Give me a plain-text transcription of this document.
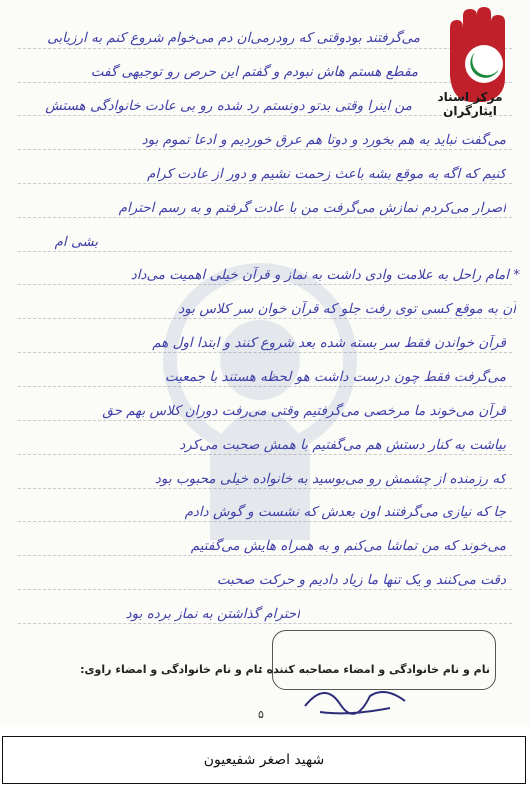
مرکز اسناد ایثارگران
می‌گرفتند بودوقتی که رودرمی‌ان دم می‌خوام شروع کنم به ارزیابی
مقطع هستم هاش نبودم و گفتم این حرص رو توجیهی گفت
من اینرا وقتی بدتو دونستم رد شده رو بی عادت خانوادگی هستش
می‌گفت نباید به هم بخورد و دوتا هم عرق خوردیم و ادعا تموم بود
کنیم که اگه به موقع بشه باعث زحمت نشیم و دور از عادت کرام
اصرار می‌کردم نمازش می‌گرفت من با عادت گرفتم و به رسم احترام
بشی ام
* امام راحل به علامت وادی داشت به نماز و قرآن خیلی اهمیت می‌داد
آن به موقع کسی توی رفت جلو که قرآن خوان سر کلاس بود
قرآن خواندن فقط سر بسته شده بعد شروع کنند و ابتدا اول هم
می‌گرفت فقط چون درست داشت هو لحظه هستند با جمعیت
قرآن می‌خوند ما مرخصی می‌گرفتیم وقتی می‌رفت دوران کلاس بهم حق
بیاشت به کنار دستش هم می‌گفتیم با همش صحبت می‌کرد
که رزمنده از چشمش رو می‌بوسید به خانواده خیلی محبوب بود
جا که نیازی می‌گرفتند اون بعدش که نشست و گوش دادم
می‌خوند که من تماشا می‌کنم و به همراه هایش می‌گفتیم
دقت می‌کنند و یک تنها ما زیاد دادیم و حرکت صحبت
احترام گذاشتن به نماز برده بود
نام و نام خانوادگی و امضاء مصاحبه کننده :
نام و نام خانوادگی و امضاء راوی:
۵
شهید اصغر شفیعیون
